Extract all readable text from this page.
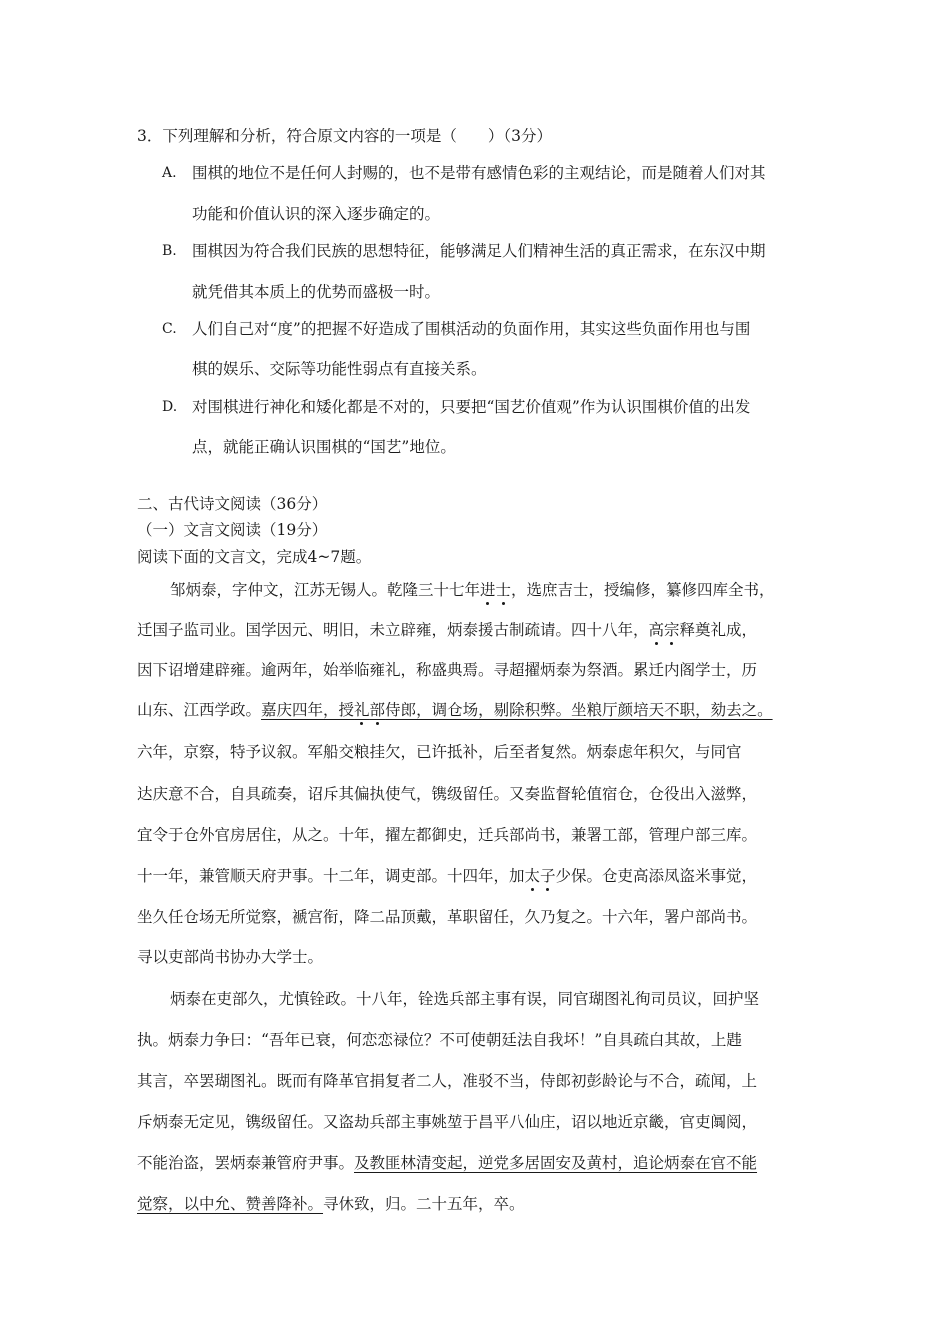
3．下列理解和分析，符合原文内容的一项是（　　）（3分）
A. 围棋的地位不是任何人封赐的，也不是带有感情色彩的主观结论，而是随着人们对其
功能和价值认识的深入逐步确定的。
B. 围棋因为符合我们民族的思想特征，能够满足人们精神生活的真正需求，在东汉中期
就凭借其本质上的优势而盛极一时。
C. 人们自己对“度”的把握不好造成了围棋活动的负面作用，其实这些负面作用也与围
棋的娱乐、交际等功能性弱点有直接关系。
D. 对围棋进行神化和矮化都是不对的，只要把“国艺价值观”作为认识围棋价值的出发
点，就能正确认识围棋的“国艺”地位。
二、古代诗文阅读（36分）
（一）文言文阅读（19分）
阅读下面的文言文，完成4~7题。
邹炳泰，字仲文，江苏无锡人。乾隆三十七年进士，选庶吉士，授编修，纂修四库全书，
迁国子监司业。国学因元、明旧，未立辟雍，炳泰援古制疏请。四十八年，高宗释奠礼成，
因下诏增建辟雍。逾两年，始举临雍礼，称盛典焉。寻超擢炳泰为祭酒。累迁内阁学士，历
山东、江西学政。嘉庆四年，授礼部侍郎，调仓场，剔除积弊。坐粮厅颜培天不职，劾去之。
六年，京察，特予议叙。军船交粮挂欠，已许抵补，后至者复然。炳泰虑年积欠，与同官
达庆意不合，自具疏奏，诏斥其偏执使气，镌级留任。又奏监督轮值宿仓，仓役出入滋弊，
宜令于仓外官房居住，从之。十年，擢左都御史，迁兵部尚书，兼署工部，管理户部三库。
十一年，兼管顺天府尹事。十二年，调吏部。十四年，加太子少保。仓吏高添凤盗米事觉，
坐久任仓场无所觉察，褫宫衔，降二品顶戴，革职留任，久乃复之。十六年，署户部尚书。
寻以吏部尚书协办大学士。
炳泰在吏部久，尤慎铨政。十八年，铨选兵部主事有误，同官瑚图礼徇司员议，回护坚
执。炳泰力争曰：“吾年已衰，何恋恋禄位？不可使朝廷法自我坏！”自具疏白其故，上韪
其言，卒罢瑚图礼。既而有降革官捐复者二人，准驳不当，侍郎初彭龄论与不合，疏闻，上
斥炳泰无定见，镌级留任。又盗劫兵部主事姚堃于昌平八仙庄，诏以地近京畿，官吏阘阅，
不能治盗，罢炳泰兼管府尹事。及教匪林清变起，逆党多居固安及黄村，追论炳泰在官不能
觉察，以中允、赞善降补。寻休致，归。二十五年，卒。
